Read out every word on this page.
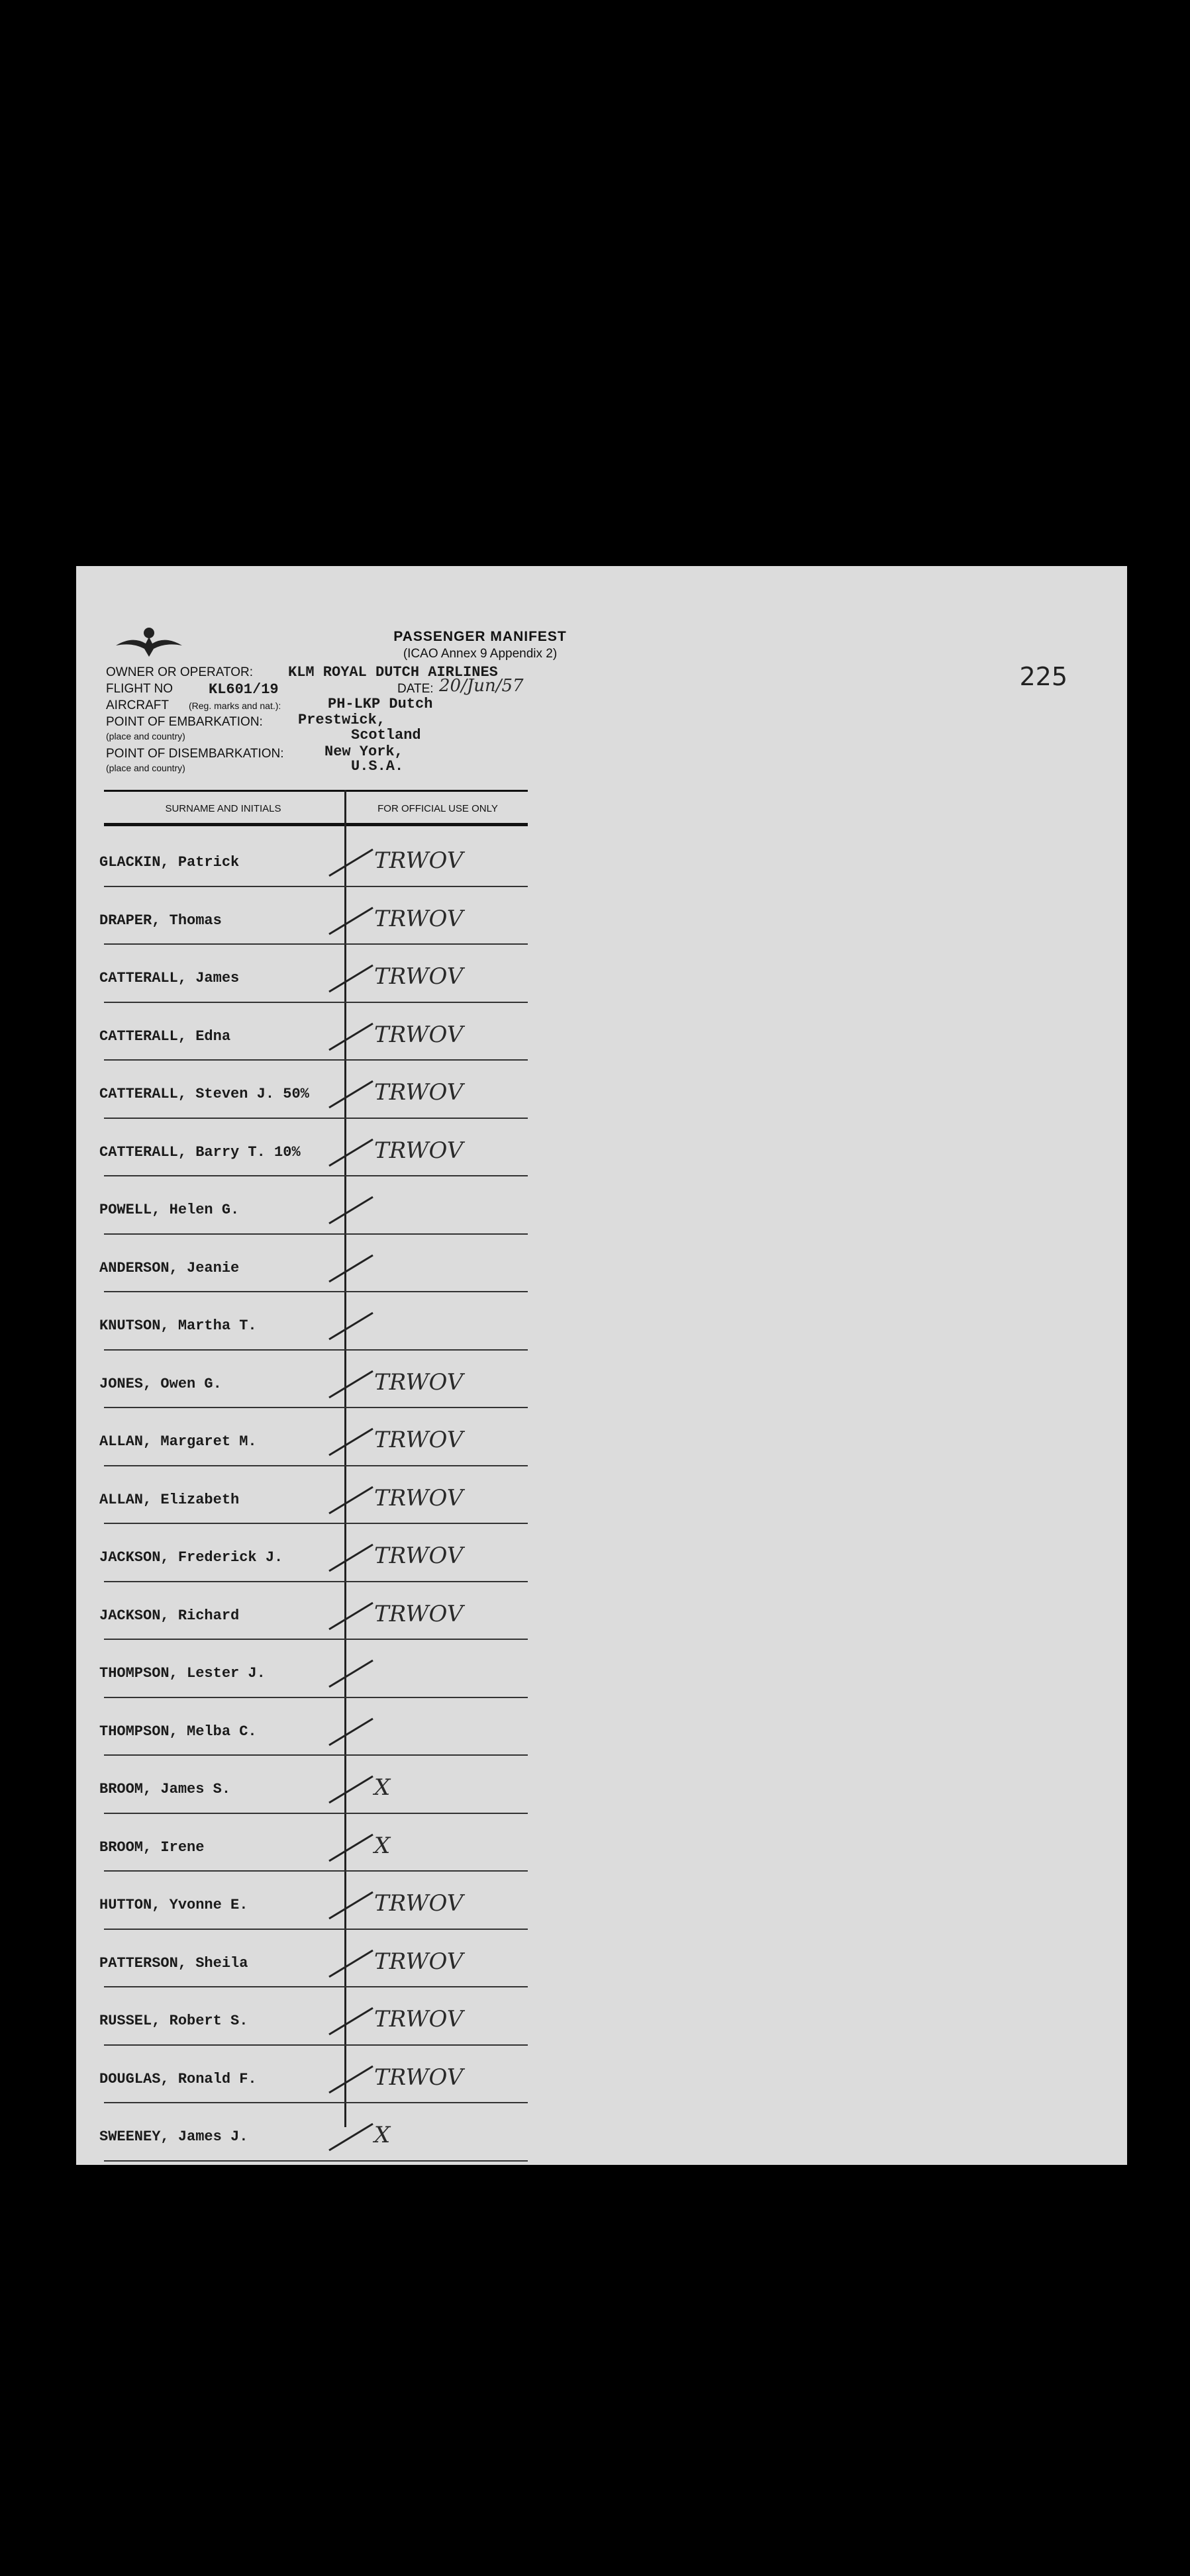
PASSENGER MANIFEST
(ICAO Annex 9 Appendix 2)
225
OWNER OR OPERATOR: KLM ROYAL DUTCH AIRLINES
FLIGHT NO KL601/19	DATE: 20/Jun/57
AIRCRAFT (Reg. marks and nat.):	PH-LKP Dutch
POINT OF EMBARKATION:
(place and country)
Prestwick,
Scotland
POINT OF DISEMBARKATION:
(place and country)
New York,
U.S.A.
SURNAME AND INITIALS	FOR OFFICIAL USE ONLY
GLACKIN, Patrick	TRWOV
DRAPER, Thomas	TRWOV
CATTERALL, James	TRWOV
CATTERALL, Edna	TRWOV
CATTERALL, Steven J. 50%	TRWOV
CATTERALL, Barry T. 10%	TRWOV
POWELL, Helen G.
ANDERSON, Jeanie
KNUTSON, Martha T.
JONES, Owen G.	TRWOV
ALLAN, Margaret M.	TRWOV
ALLAN, Elizabeth	TRWOV
JACKSON, Frederick J.	TRWOV
JACKSON, Richard	TRWOV
THOMPSON, Lester J.
THOMPSON, Melba C.
BROOM, James S.	X
BROOM, Irene	X
HUTTON, Yvonne E.	TRWOV
PATTERSON, Sheila	TRWOV
RUSSEL, Robert S.	TRWOV
DOUGLAS, Ronald F.	TRWOV
SWEENEY, James J.	X
